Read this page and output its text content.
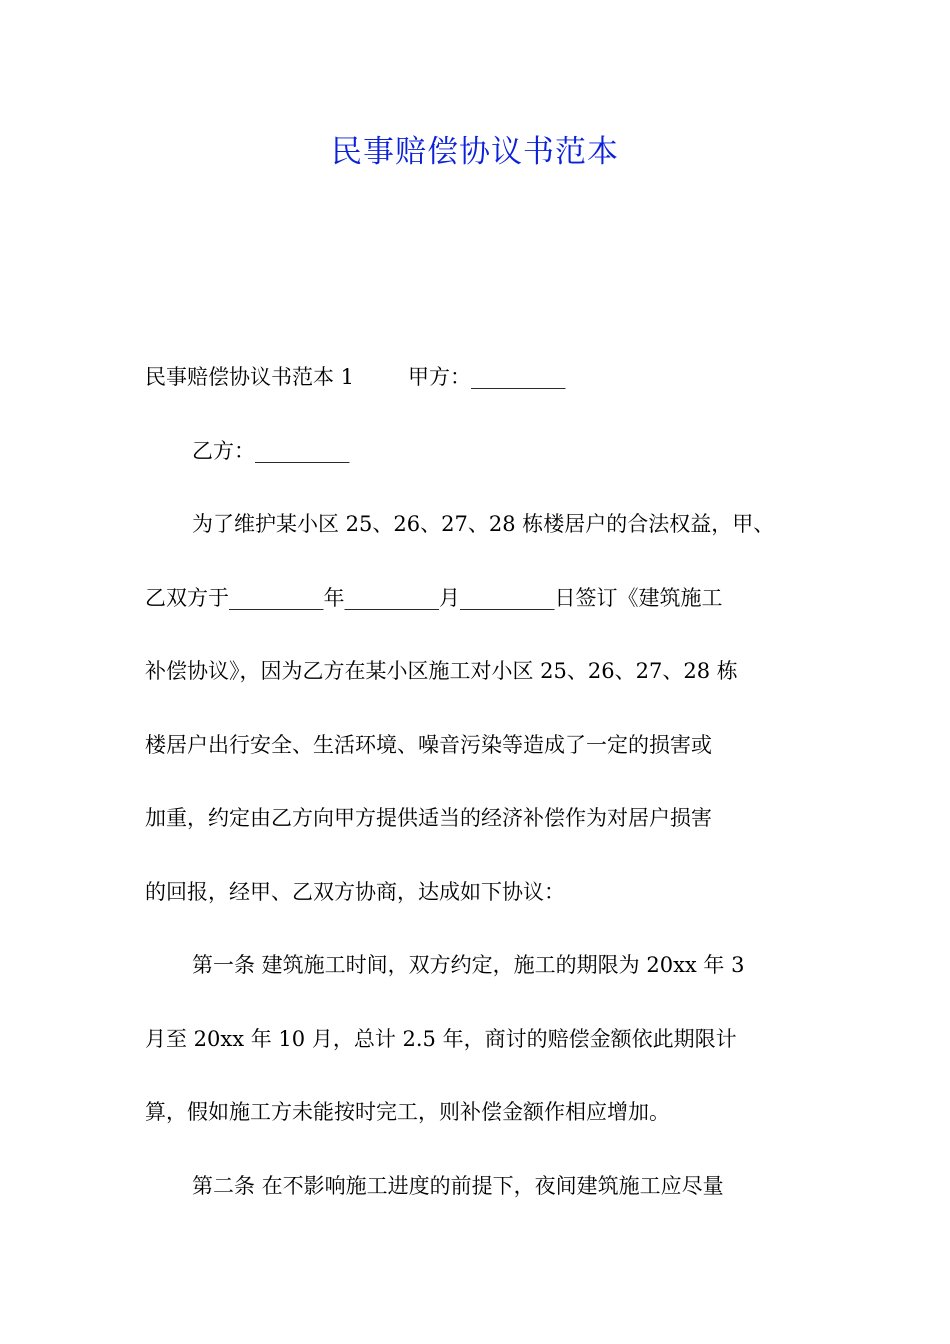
民事赔偿协议书范本
民事赔偿协议书范本 1	甲方：_________
乙方：_________
为了维护某小区 25、26、27、28 栋楼居户的合法权益，甲、
乙双方于_________年_________月_________日签订《建筑施工
补偿协议》，因为乙方在某小区施工对小区 25、26、27、28 栋
楼居户出行安全、生活环境、噪音污染等造成了一定的损害或
加重，约定由乙方向甲方提供适当的经济补偿作为对居户损害
的回报，经甲、乙双方协商，达成如下协议：
第一条 建筑施工时间，双方约定，施工的期限为 20xx 年 3
月至 20xx 年 10 月，总计 2.5 年，商讨的赔偿金额依此期限计
算，假如施工方未能按时完工，则补偿金额作相应增加。
第二条 在不影响施工进度的前提下，夜间建筑施工应尽量
